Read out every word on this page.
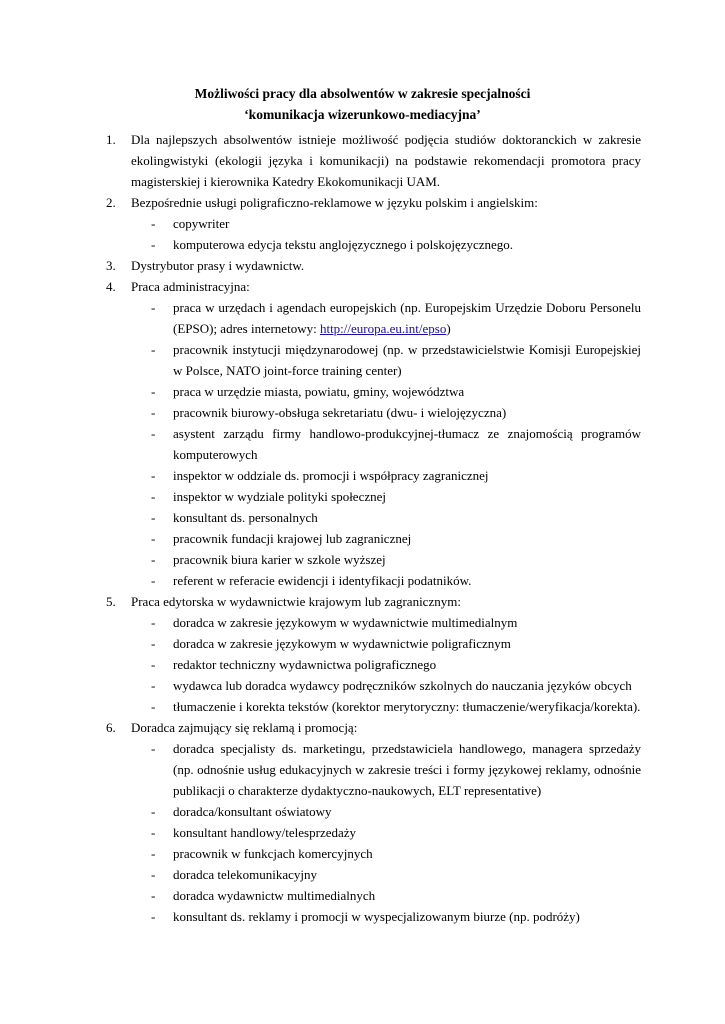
Możliwości pracy dla absolwentów w zakresie specjalności
‘komunikacja wizerunkowo-mediacyjna’
1. Dla najlepszych absolwentów istnieje możliwość podjęcia studiów doktoranckich w zakresie ekolingwistyki (ekologii języka i komunikacji) na podstawie rekomendacji promotora pracy magisterskiej i kierownika Katedry Ekokomunikacji UAM.
2. Bezpośrednie usługi poligraficzno-reklamowe w języku polskim i angielskim:
- copywriter
- komputerowa edycja tekstu anglojęzycznego i polskojęzycznego.
3. Dystrybutor prasy i wydawnictw.
4. Praca administracyjna:
- praca w urzędach i agendach europejskich (np. Europejskim Urzędzie Doboru Personelu (EPSO); adres internetowy: http://europa.eu.int/epso)
- pracownik instytucji międzynarodowej (np. w przedstawicielstwie Komisji Europejskiej w Polsce, NATO joint-force training center)
- praca w urzędzie miasta, powiatu, gminy, województwa
- pracownik biurowy-obsługa sekretariatu (dwu- i wielojęzyczna)
- asystent zarządu firmy handlowo-produkcyjnej-tłumacz ze znajomością programów komputerowych
- inspektor w oddziale ds. promocji i współpracy zagranicznej
- inspektor w wydziale polityki społecznej
- konsultant ds. personalnych
- pracownik fundacji krajowej lub zagranicznej
- pracownik biura karier w szkole wyższej
- referent w referacie ewidencji i identyfikacji podatników.
5. Praca edytorska w wydawnictwie krajowym lub zagranicznym:
- doradca w zakresie językowym w wydawnictwie multimedialnym
- doradca w zakresie językowym w wydawnictwie poligraficznym
- redaktor techniczny wydawnictwa poligraficznego
- wydawca lub doradca wydawcy podręczników szkolnych do nauczania języków obcych
- tłumaczenie i korekta tekstów (korektor merytoryczny: tłumaczenie/weryfikacja/korekta).
6. Doradca zajmujący się reklamą i promocją:
- doradca specjalisty ds. marketingu, przedstawiciela handlowego, managera sprzedaży (np. odnośnie usług edukacyjnych w zakresie treści i formy językowej reklamy, odnośnie publikacji o charakterze dydaktyczno-naukowych, ELT representative)
- doradca/konsultant oświatowy
- konsultant handlowy/telesprzedaży
- pracownik w funkcjach komercyjnych
- doradca telekomunikacyjny
- doradca wydawnictw multimedialnych
- konsultant ds. reklamy i promocji w wyspecjalizowanym biurze (np. podróży)
